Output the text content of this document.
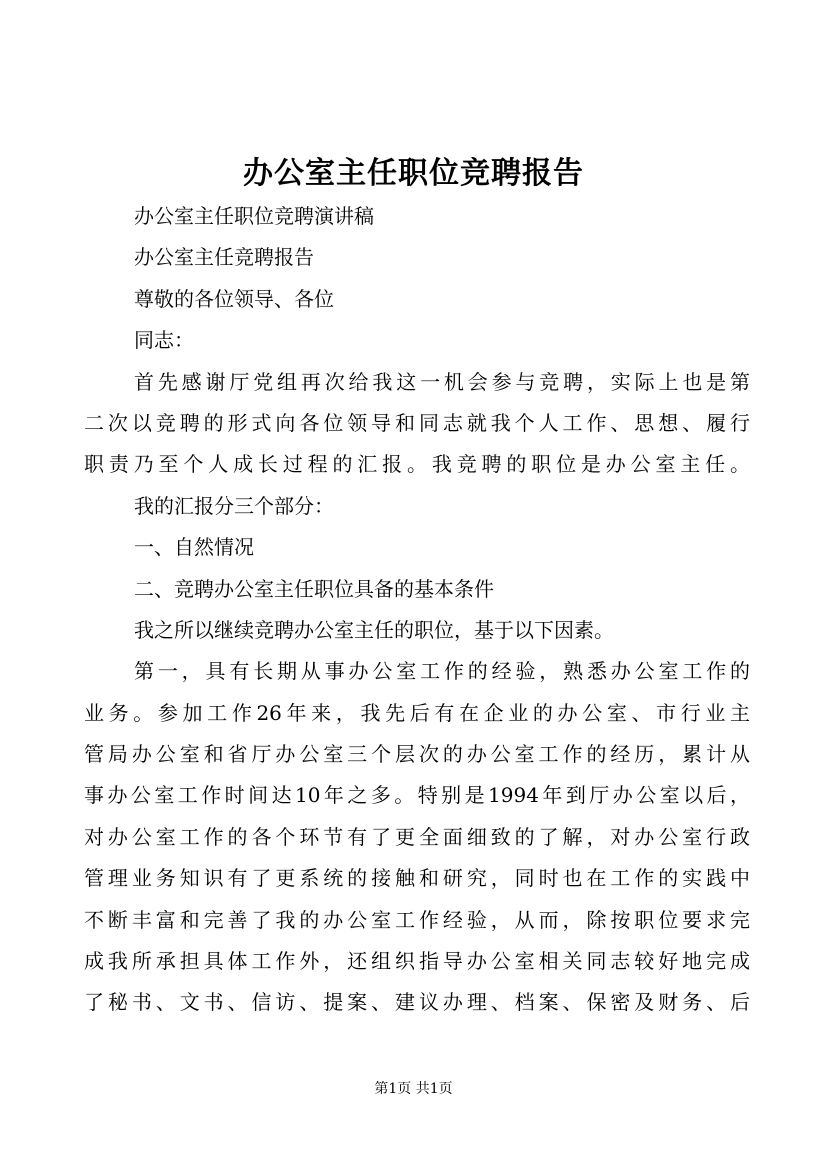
办公室主任职位竞聘报告
办公室主任职位竞聘演讲稿
办公室主任竞聘报告
尊敬的各位领导、各位
同志：
首先感谢厅党组再次给我这一机会参与竞聘，实际上也是第
二次以竞聘的形式向各位领导和同志就我个人工作、思想、履行
职责乃至个人成长过程的汇报。我竞聘的职位是办公室主任。
我的汇报分三个部分：
一、自然情况
二、竞聘办公室主任职位具备的基本条件
我之所以继续竞聘办公室主任的职位，基于以下因素。
第一，具有长期从事办公室工作的经验，熟悉办公室工作的
业务。参加工作26年来，我先后有在企业的办公室、市行业主
管局办公室和省厅办公室三个层次的办公室工作的经历，累计从
事办公室工作时间达10年之多。特别是1994年到厅办公室以后，
对办公室工作的各个环节有了更全面细致的了解，对办公室行政
管理业务知识有了更系统的接触和研究，同时也在工作的实践中
不断丰富和完善了我的办公室工作经验，从而，除按职位要求完
成我所承担具体工作外，还组织指导办公室相关同志较好地完成
了秘书、文书、信访、提案、建议办理、档案、保密及财务、后
第1页 共1页
